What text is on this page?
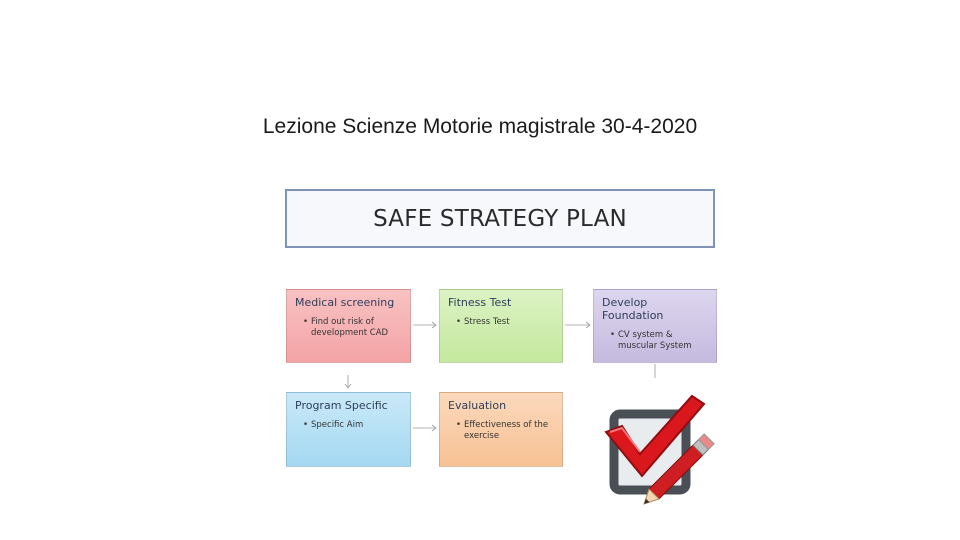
Lezione Scienze Motorie magistrale 30-4-2020
SAFE STRATEGY PLAN
Medical screening
• Find out risk of development CAD
Fitness Test
• Stress Test
Develop Foundation
• CV system & muscular System
Program Specific
• Specific Aim
Evaluation
• Effectiveness of the exercise
